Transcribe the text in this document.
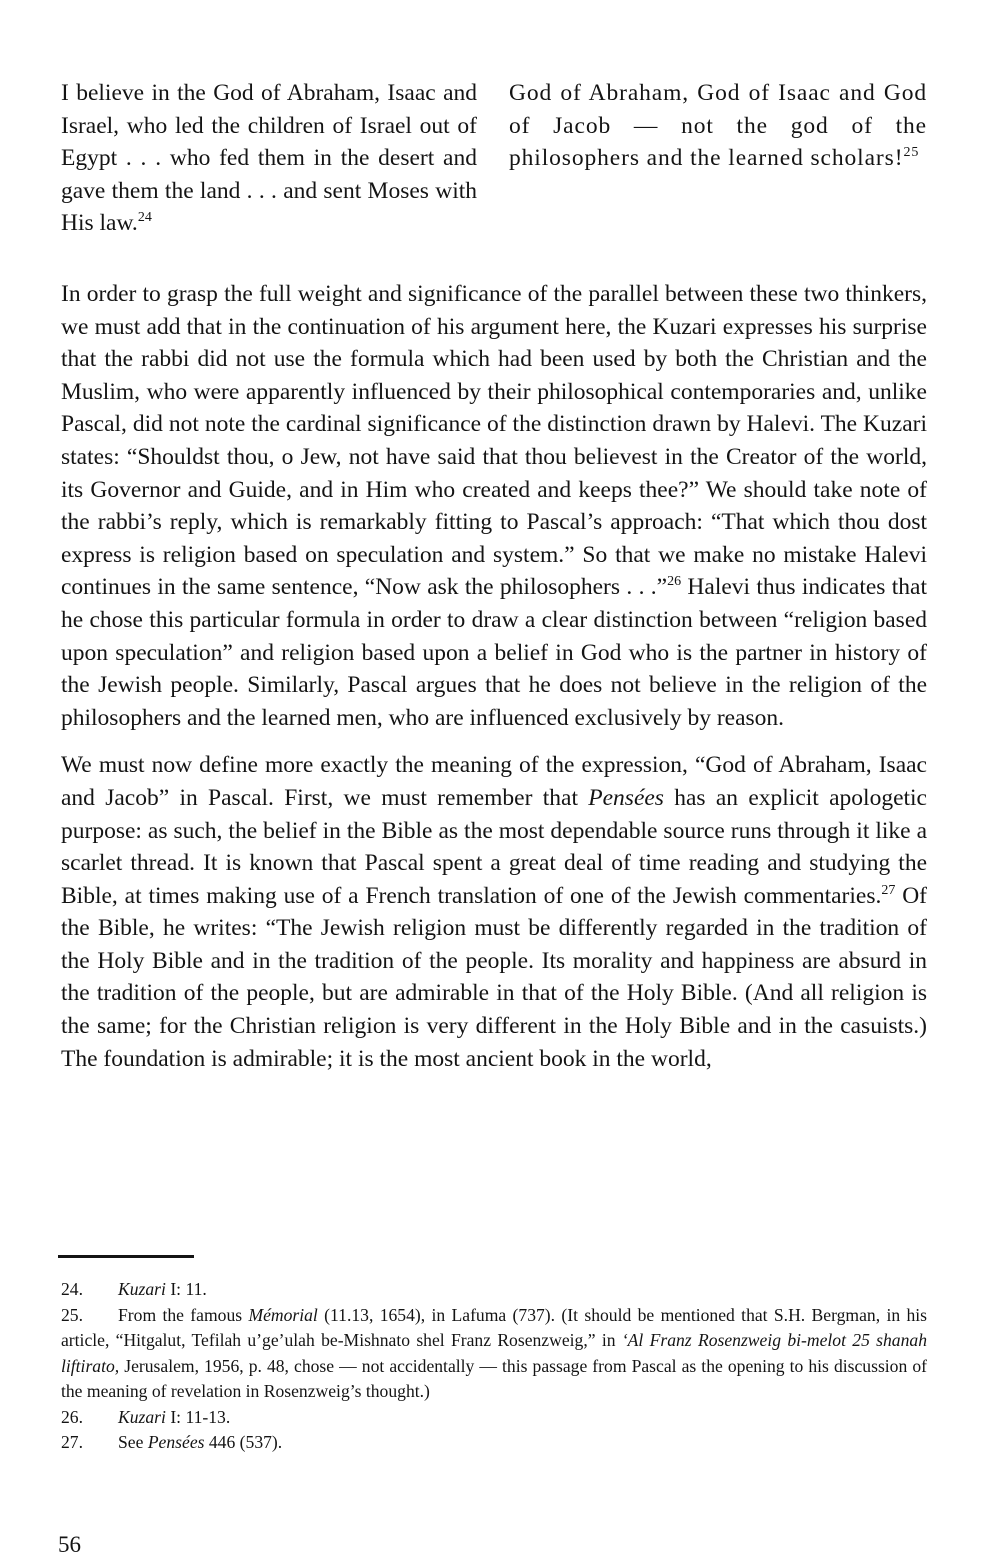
I believe in the God of Abraham, Isaac and Israel, who led the children of Israel out of Egypt . . . who fed them in the desert and gave them the land . . . and sent Moses with His law.$^{24}$
God of Abraham, God of Isaac and God of Jacob — not the god of the philosophers and the learned scholars!$^{25}$

In order to grasp the full weight and significance of the parallel between these two thinkers, we must add that in the continuation of his argument here, the Kuzari expresses his surprise that the rabbi did not use the formula which had been used by both the Christian and the Muslim, who were apparently influenced by their philosophical contemporaries and, unlike Pascal, did not note the cardinal significance of the distinction drawn by Halevi. The Kuzari states: “Shouldst thou, o Jew, not have said that thou believest in the Creator of the world, its Governor and Guide, and in Him who created and keeps thee?” We should take note of the rabbi’s reply, which is remarkably fitting to Pascal’s approach: “That which thou dost express is religion based on speculation and system.” So that we make no mistake Halevi continues in the same sentence, “Now ask the philosophers . . .”$^{26}$ Halevi thus indicates that he chose this particular formula in order to draw a clear distinction between “religion based upon speculation” and religion based upon a belief in God who is the partner in history of the Jewish people. Similarly, Pascal argues that he does not believe in the religion of the philosophers and the learned men, who are influenced exclusively by reason.

We must now define more exactly the meaning of the expression, “God of Abraham, Isaac and Jacob” in Pascal. First, we must remember that Pensées has an explicit apologetic purpose: as such, the belief in the Bible as the most dependable source runs through it like a scarlet thread. It is known that Pascal spent a great deal of time reading and studying the Bible, at times making use of a French translation of one of the Jewish commentaries.$^{27}$ Of the Bible, he writes: “The Jewish religion must be differently regarded in the tradition of the Holy Bible and in the tradition of the people. Its morality and happiness are absurd in the tradition of the people, but are admirable in that of the Holy Bible. (And all religion is the same; for the Christian religion is very different in the Holy Bible and in the casuists.) The foundation is admirable; it is the most ancient book in the world,

24. Kuzari I: 11.

25. From the famous Mémorial (11.13, 1654), in Lafuma (737). (It should be mentioned that S.H. Bergman, in his article, “Hitgalut, Tefilah u’ge’ulah be-Mishnato shel Franz Rosenzweig,” in ‘Al Franz Rosenzweig bi-melot 25 shanah liftirato, Jerusalem, 1956, p. 48, chose — not accidentally — this passage from Pascal as the opening to his discussion of the meaning of revelation in Rosenzweig’s thought.)

26. Kuzari I: 11-13.

27. See Pensées 446 (537).

56
